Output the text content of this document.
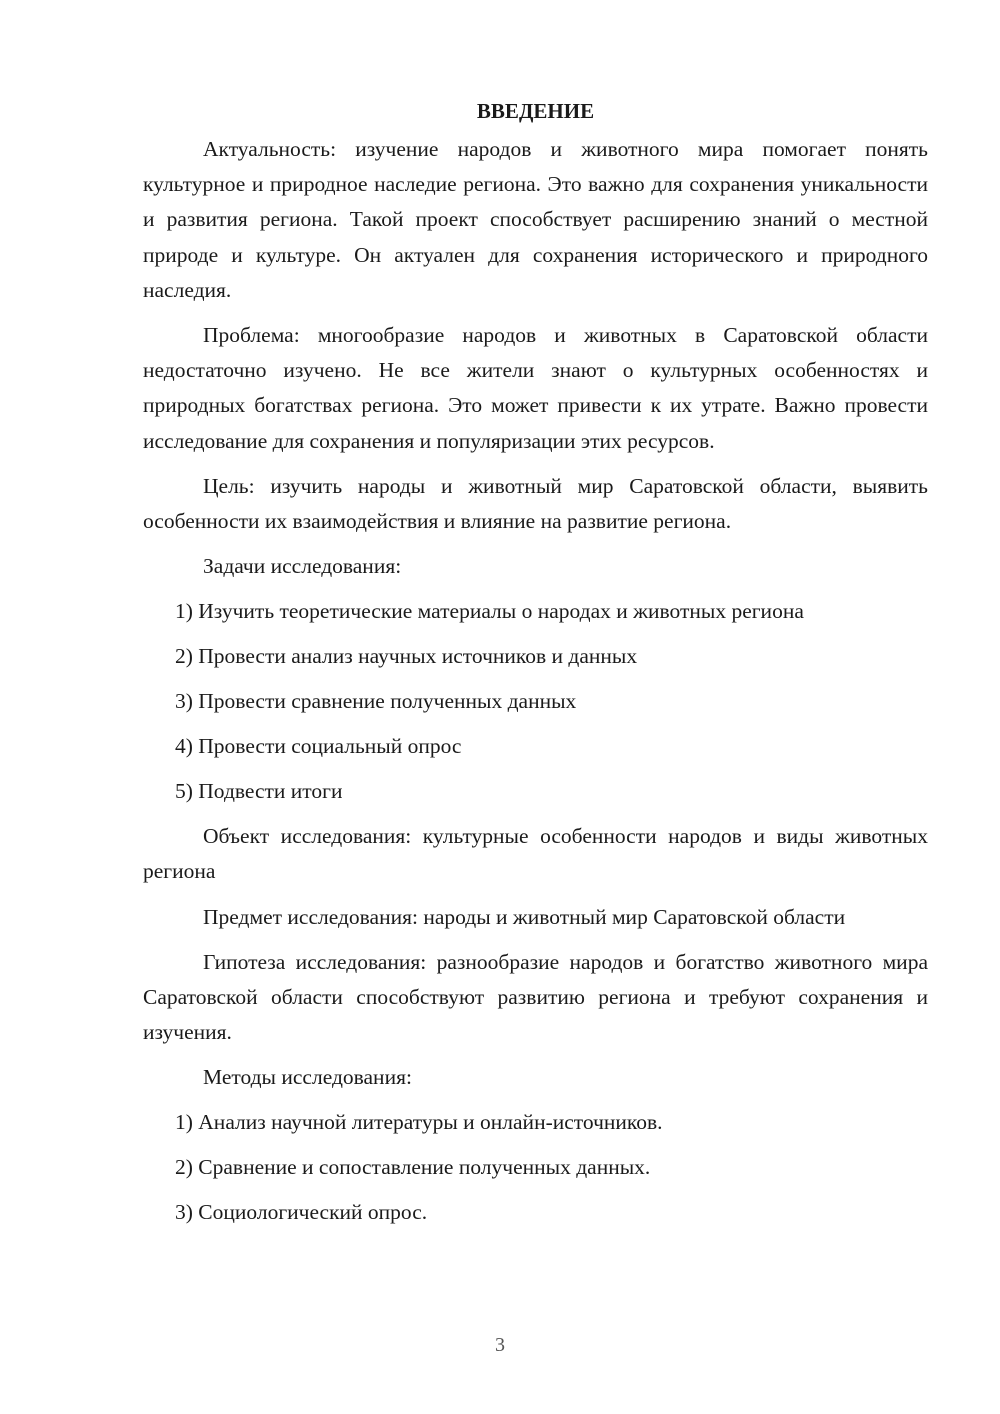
ВВЕДЕНИЕ

Актуальность: изучение народов и животного мира помогает понять культурное и природное наследие региона. Это важно для сохранения уникальности и развития региона. Такой проект способствует расширению знаний о местной природе и культуре. Он актуален для сохранения исторического и природного наследия.

Проблема: многообразие народов и животных в Саратовской области недостаточно изучено. Не все жители знают о культурных особенностях и природных богатствах региона. Это может привести к их утрате. Важно провести исследование для сохранения и популяризации этих ресурсов.

Цель: изучить народы и животный мир Саратовской области, выявить особенности их взаимодействия и влияние на развитие региона.

Задачи исследования:

1) Изучить теоретические материалы о народах и животных региона

2) Провести анализ научных источников и данных

3) Провести сравнение полученных данных

4) Провести социальный опрос

5) Подвести итоги

Объект исследования: культурные особенности народов и виды животных региона

Предмет исследования: народы и животный мир Саратовской области

Гипотеза исследования: разнообразие народов и богатство животного мира Саратовской области способствуют развитию региона и требуют сохранения и изучения.

Методы исследования:

1) Анализ научной литературы и онлайн-источников.

2) Сравнение и сопоставление полученных данных.

3) Социологический опрос.

3
